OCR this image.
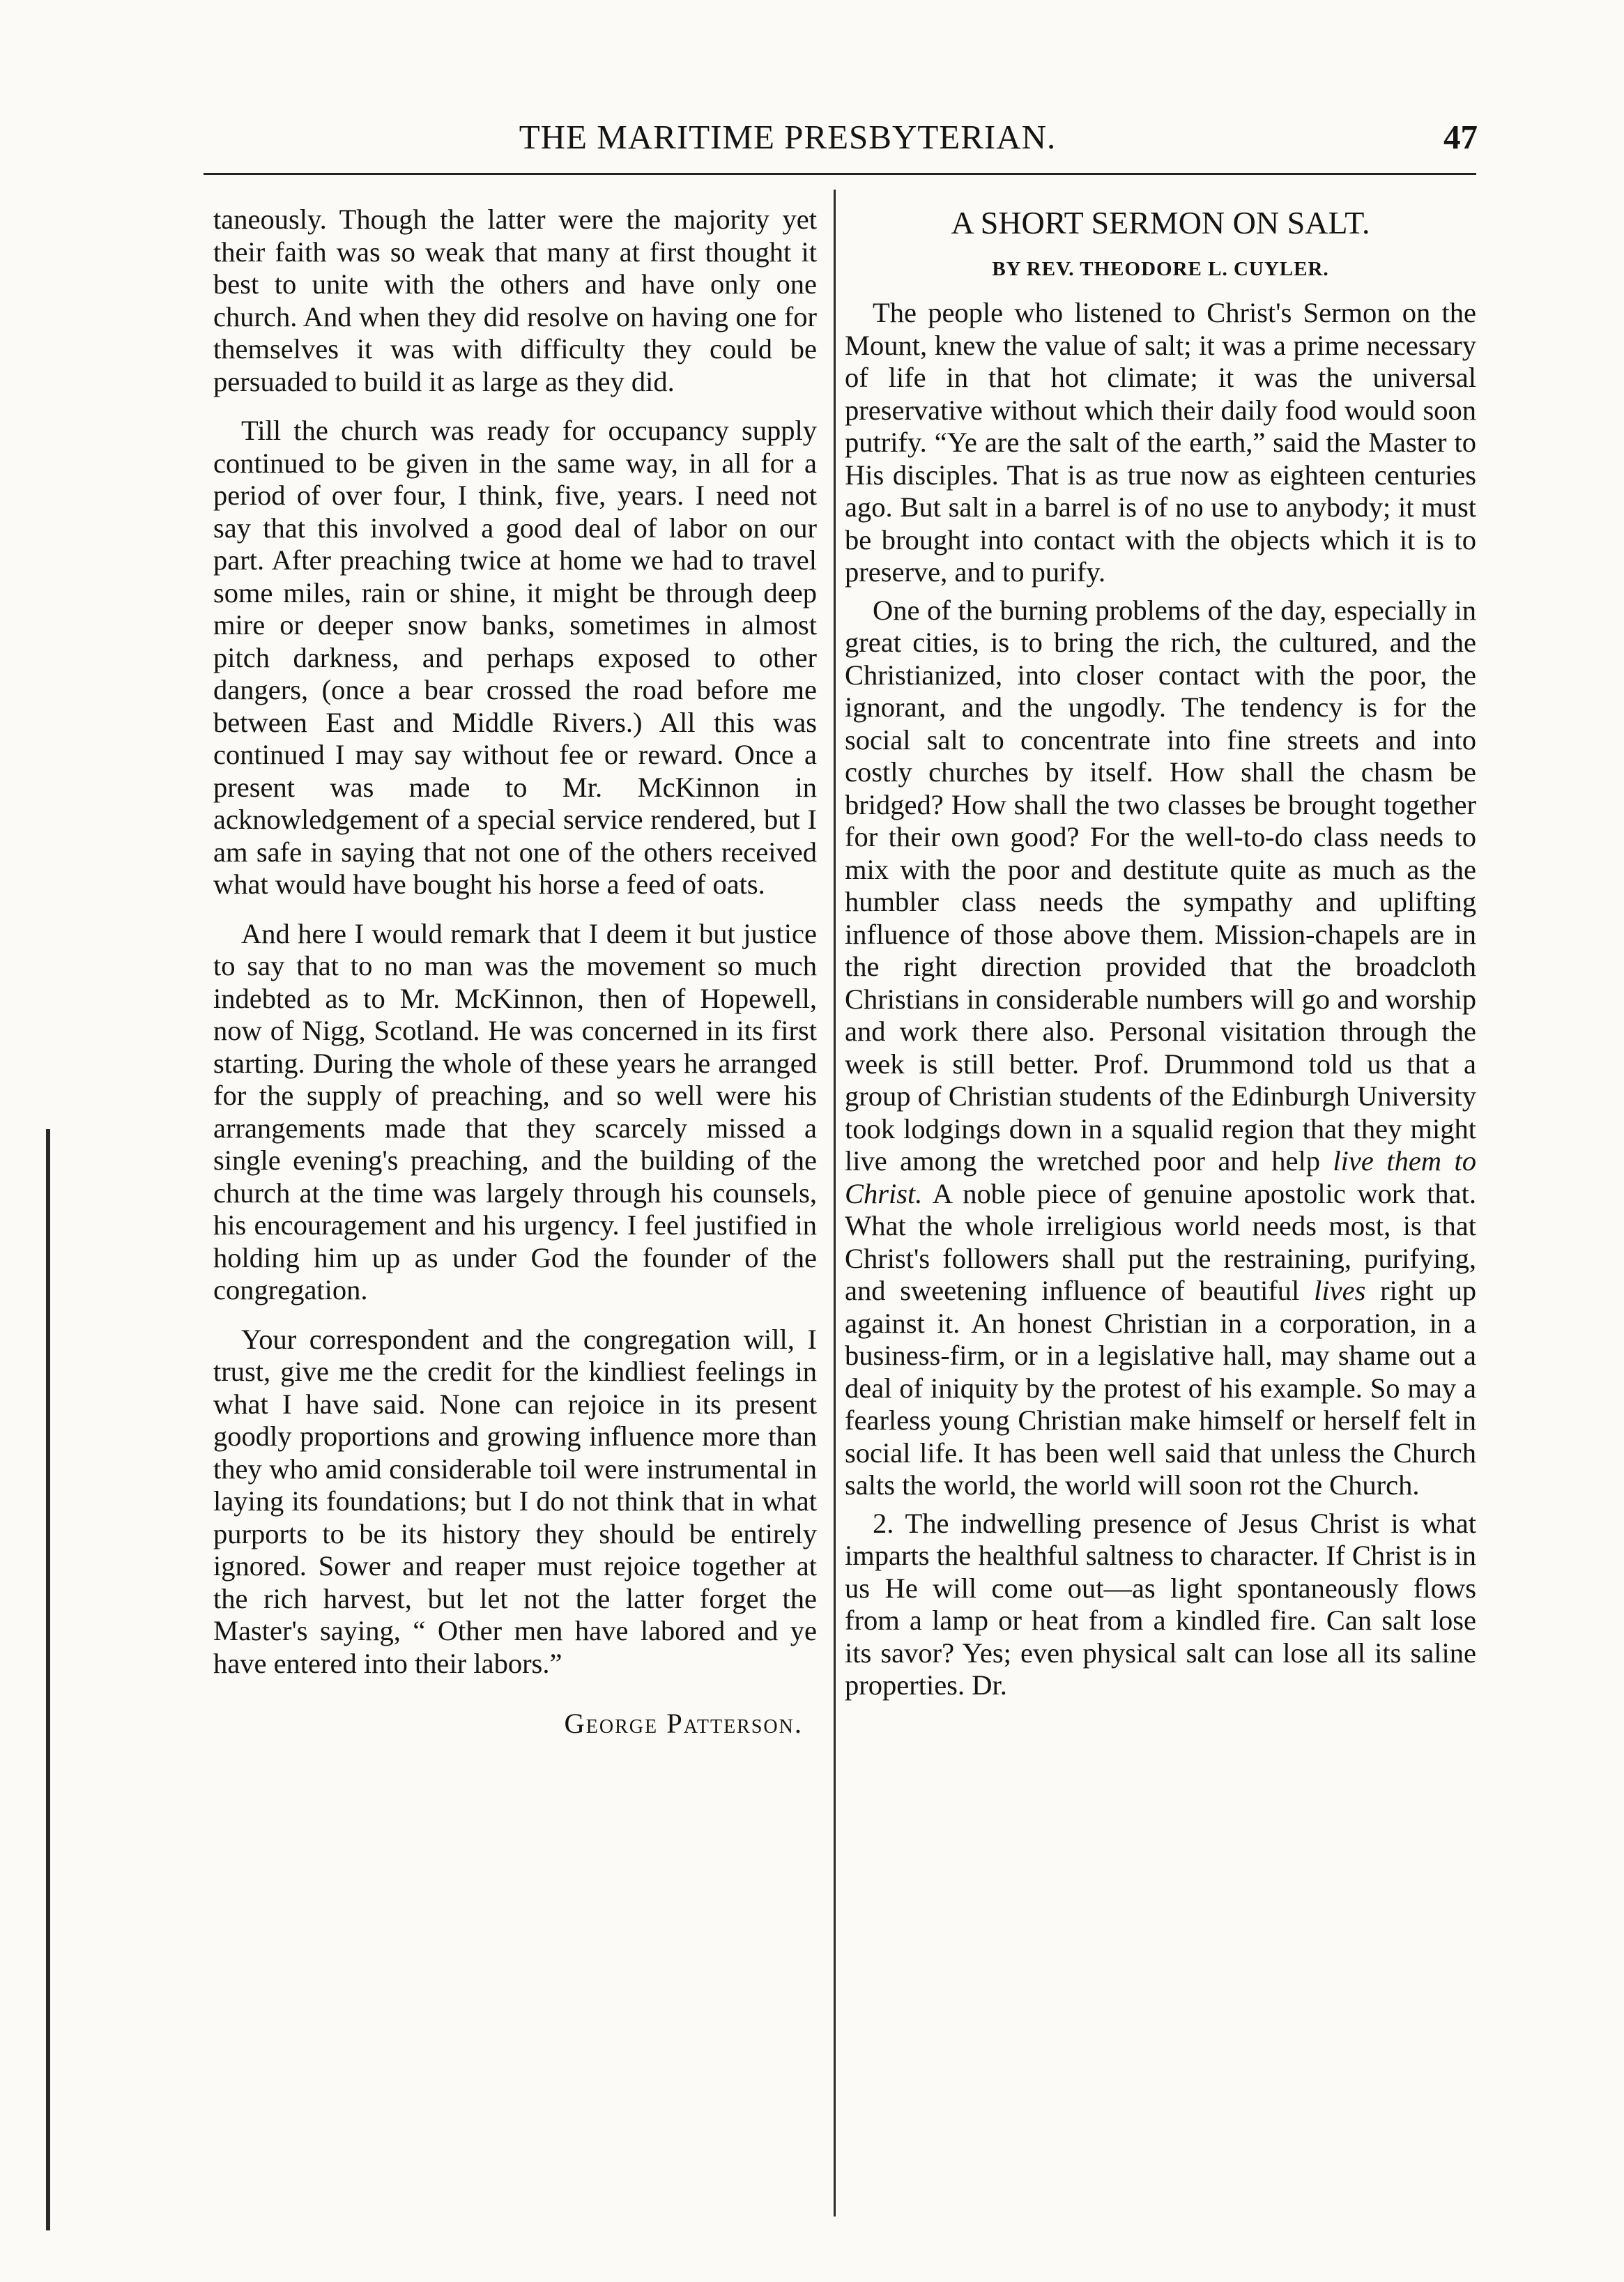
THE MARITIME PRESBYTERIAN.	47

taneously. Though the latter were the majority yet their faith was so weak that many at first thought it best to unite with the others and have only one church. And when they did resolve on having one for themselves it was with difficulty they could be persuaded to build it as large as they did.

Till the church was ready for occupancy supply continued to be given in the same way, in all for a period of over four, I think, five, years. I need not say that this involved a good deal of labor on our part. After preaching twice at home we had to travel some miles, rain or shine, it might be through deep mire or deeper snow banks, sometimes in almost pitch darkness, and perhaps exposed to other dangers, (once a bear crossed the road before me between East and Middle Rivers.) All this was continued I may say without fee or reward. Once a present was made to Mr. McKinnon in acknowledgement of a special service rendered, but I am safe in saying that not one of the others received what would have bought his horse a feed of oats.

And here I would remark that I deem it but justice to say that to no man was the movement so much indebted as to Mr. McKinnon, then of Hopewell, now of Nigg, Scotland. He was concerned in its first starting. During the whole of these years he arranged for the supply of preaching, and so well were his arrangements made that they scarcely missed a single evening's preaching, and the building of the church at the time was largely through his counsels, his encouragement and his urgency. I feel justified in holding him up as under God the founder of the congregation.

Your correspondent and the congregation will, I trust, give me the credit for the kindliest feelings in what I have said. None can rejoice in its present goodly proportions and growing influence more than they who amid considerable toil were instrumental in laying its foundations; but I do not think that in what purports to be its history they should be entirely ignored. Sower and reaper must rejoice together at the rich harvest, but let not the latter forget the Master's saying, “ Other men have labored and ye have entered into their labors.”

George Patterson.
A SHORT SERMON ON SALT.
BY REV. THEODORE L. CUYLER.

The people who listened to Christ's Sermon on the Mount, knew the value of salt; it was a prime necessary of life in that hot climate; it was the universal preservative without which their daily food would soon putrify. “Ye are the salt of the earth,” said the Master to His disciples. That is as true now as eighteen centuries ago. But salt in a barrel is of no use to anybody; it must be brought into contact with the objects which it is to preserve, and to purify.

One of the burning problems of the day, especially in great cities, is to bring the rich, the cultured, and the Christianized, into closer contact with the poor, the ignorant, and the ungodly. The tendency is for the social salt to concentrate into fine streets and into costly churches by itself. How shall the chasm be bridged? How shall the two classes be brought together for their own good? For the well-to-do class needs to mix with the poor and destitute quite as much as the humbler class needs the sympathy and uplifting influence of those above them. Mission-chapels are in the right direction provided that the broadcloth Christians in considerable numbers will go and worship and work there also. Personal visitation through the week is still better. Prof. Drummond told us that a group of Christian students of the Edinburgh University took lodgings down in a squalid region that they might live among the wretched poor and help live them to Christ. A noble piece of genuine apostolic work that. What the whole irreligious world needs most, is that Christ's followers shall put the restraining, purifying, and sweetening influence of beautiful lives right up against it. An honest Christian in a corporation, in a business-firm, or in a legislative hall, may shame out a deal of iniquity by the protest of his example. So may a fearless young Christian make himself or herself felt in social life. It has been well said that unless the Church salts the world, the world will soon rot the Church.

2. The indwelling presence of Jesus Christ is what imparts the healthful saltness to character. If Christ is in us He will come out—as light spontaneously flows from a lamp or heat from a kindled fire. Can salt lose its savor? Yes; even physical salt can lose all its saline properties. Dr.
